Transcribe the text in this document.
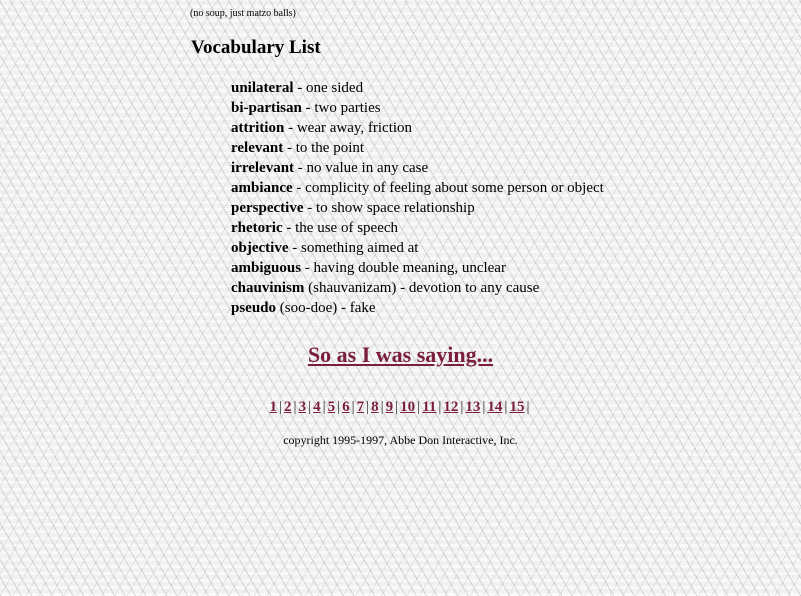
(no soup, just matzo balls)
Vocabulary List
unilateral - one sided
bi-partisan - two parties
attrition - wear away, friction
relevant - to the point
irrelevant - no value in any case
ambiance - complicity of feeling about some person or object
perspective - to show space relationship
rhetoric - the use of speech
objective - something aimed at
ambiguous - having double meaning, unclear
chauvinism (shauvanizam) - devotion to any cause
pseudo (soo-doe) - fake
So as I was saying...
1 | 2 | 3 | 4 | 5 | 6 | 7 | 8 | 9 | 10 | 11 | 12 | 13 | 14 | 15 |
copyright 1995-1997, Abbe Don Interactive, Inc.
